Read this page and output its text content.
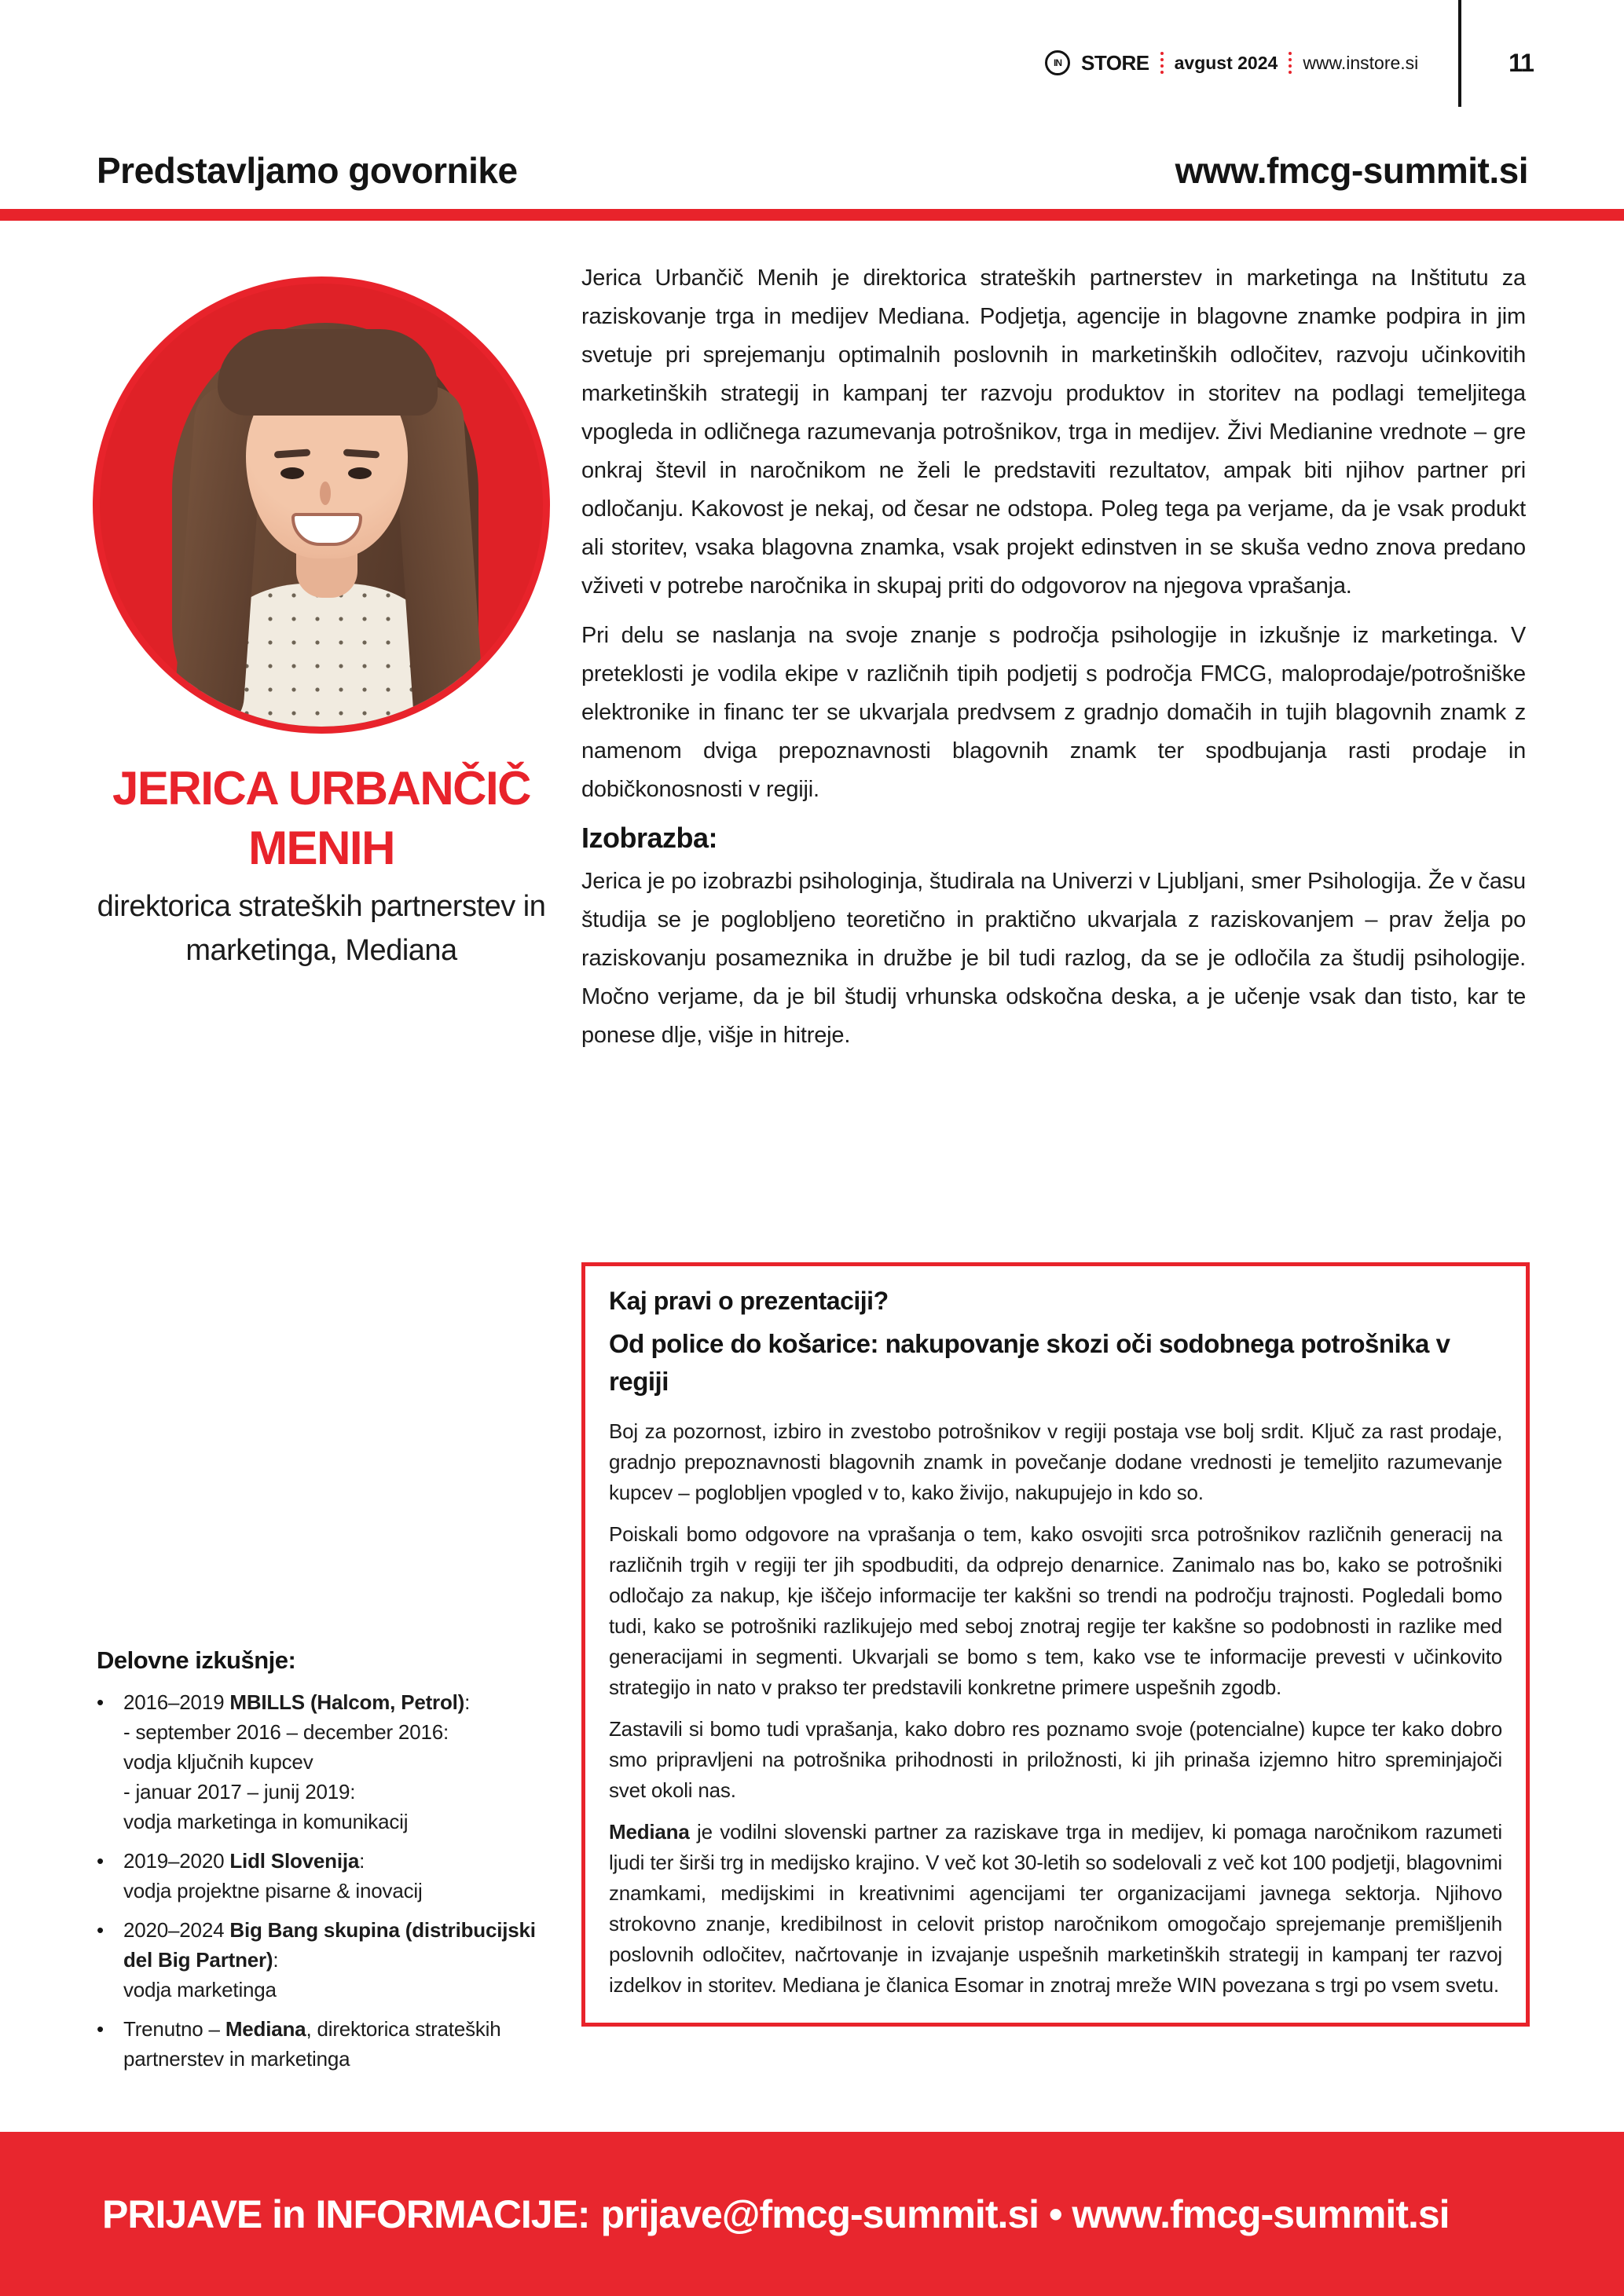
IN STORE avgust 2024 www.instore.si	11
Predstavljamo govornike	www.fmcg-summit.si
JERICA URBANČIČ
MENIH
direktorica strateških partnerstev in marketinga, Mediana

Jerica Urbančič Menih je direktorica strateških partnerstev in marketinga na Inštitutu za raziskovanje trga in medijev Mediana. Podjetja, agencije in blagovne znamke podpira in jim svetuje pri sprejemanju optimalnih poslovnih in marketinških odločitev, razvoju učinkovitih marketinških strategij in kampanj ter razvoju produktov in storitev na podlagi temeljitega vpogleda in odličnega razumevanja potrošnikov, trga in medijev. Živi Medianine vrednote – gre onkraj števil in naročnikom ne želi le predstaviti rezultatov, ampak biti njihov partner pri odločanju. Kakovost je nekaj, od česar ne odstopa. Poleg tega pa verjame, da je vsak produkt ali storitev, vsaka blagovna znamka, vsak projekt edinstven in se skuša vedno znova predano vživeti v potrebe naročnika in skupaj priti do odgovorov na njegova vprašanja.

Pri delu se naslanja na svoje znanje s področja psihologije in izkušnje iz marketinga. V preteklosti je vodila ekipe v različnih tipih podjetij s področja FMCG, maloprodaje/potrošniške elektronike in financ ter se ukvarjala predvsem z gradnjo domačih in tujih blagovnih znamk z namenom dviga prepoznavnosti blagovnih znamk ter spodbujanja rasti prodaje in dobičkonosnosti v regiji.

Izobrazba:

Jerica je po izobrazbi psihologinja, študirala na Univerzi v Ljubljani, smer Psihologija. Že v času študija se je poglobljeno teoretično in praktično ukvarjala z raziskovanjem – prav želja po raziskovanju posameznika in družbe je bil tudi razlog, da se je odločila za študij psihologije. Močno verjame, da je bil študij vrhunska odskočna deska, a je učenje vsak dan tisto, kar te ponese dlje, višje in hitreje.

Kaj pravi o prezentaciji?
Od police do košarice: nakupovanje skozi oči sodobnega potrošnika v regiji

Boj za pozornost, izbiro in zvestobo potrošnikov v regiji postaja vse bolj srdit. Ključ za rast prodaje, gradnjo prepoznavnosti blagovnih znamk in povečanje dodane vrednosti je temeljito razumevanje kupcev – poglobljen vpogled v to, kako živijo, nakupujejo in kdo so.

Poiskali bomo odgovore na vprašanja o tem, kako osvojiti srca potrošnikov različnih generacij na različnih trgih v regiji ter jih spodbuditi, da odprejo denarnice. Zanimalo nas bo, kako se potrošniki odločajo za nakup, kje iščejo informacije ter kakšni so trendi na področju trajnosti. Pogledali bomo tudi, kako se potrošniki razlikujejo med seboj znotraj regije ter kakšne so podobnosti in razlike med generacijami in segmenti. Ukvarjali se bomo s tem, kako vse te informacije prevesti v učinkovito strategijo in nato v prakso ter predstavili konkretne primere uspešnih zgodb.

Zastavili si bomo tudi vprašanja, kako dobro res poznamo svoje (potencialne) kupce ter kako dobro smo pripravljeni na potrošnika prihodnosti in priložnosti, ki jih prinaša izjemno hitro spreminjajoči svet okoli nas.

Mediana je vodilni slovenski partner za raziskave trga in medijev, ki pomaga naročnikom razumeti ljudi ter širši trg in medijsko krajino. V več kot 30-letih so sodelovali z več kot 100 podjetji, blagovnimi znamkami, medijskimi in kreativnimi agencijami ter organizacijami javnega sektorja. Njihovo strokovno znanje, kredibilnost in celovit pristop naročnikom omogočajo sprejemanje premišljenih poslovnih odločitev, načrtovanje in izvajanje uspešnih marketinških strategij in kampanj ter razvoj izdelkov in storitev. Mediana je članica Esomar in znotraj mreže WIN povezana s trgi po vsem svetu.

Delovne izkušnje:
• 2016–2019 MBILLS (Halcom, Petrol):
- september 2016 – december 2016:
vodja ključnih kupcev
- januar 2017 – junij 2019:
vodja marketinga in komunikacij
• 2019–2020 Lidl Slovenija:
vodja projektne pisarne & inovacij
• 2020–2024 Big Bang skupina (distribucijski del Big Partner):
vodja marketinga
• Trenutno – Mediana, direktorica strateških partnerstev in marketinga
PRIJAVE in INFORMACIJE: prijave@fmcg-summit.si • www.fmcg-summit.si
